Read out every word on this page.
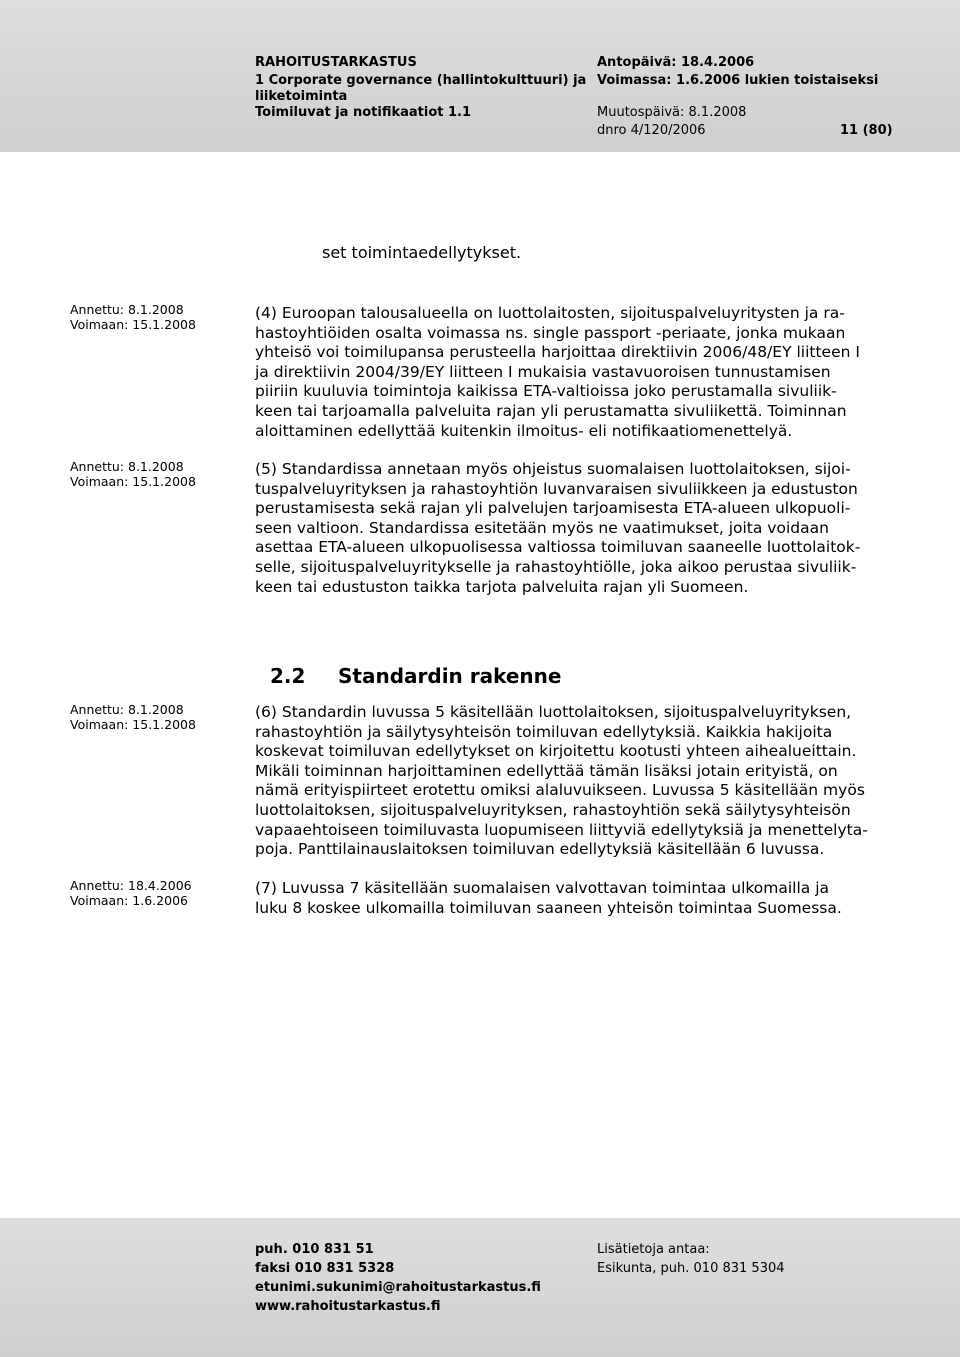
RAHOITUSTARKASTUS
1 Corporate governance (hallintokulttuuri) ja
liiketoiminta
Toimiluvat ja notifikaatiot 1.1
Antopäivä: 18.4.2006
Voimassa: 1.6.2006 lukien toistaiseksi
Muutospäivä: 8.1.2008
dnro 4/120/2006	11 (80)
set toimintaedellytykset.
Annettu: 8.1.2008
Voimaan: 15.1.2008
(4) Euroopan talousalueella on luottolaitosten, sijoituspalveluyritysten ja ra-
hastoyhtiöiden osalta voimassa ns. single passport -periaate, jonka mukaan
yhteisö voi toimilupansa perusteella harjoittaa direktiivin 2006/48/EY liitteen I
ja direktiivin 2004/39/EY liitteen I mukaisia vastavuoroisen tunnustamisen
piiriin kuuluvia toimintoja kaikissa ETA-valtioissa joko perustamalla sivuliik-
keen tai tarjoamalla palveluita rajan yli perustamatta sivuliikettä. Toiminnan
aloittaminen edellyttää kuitenkin ilmoitus- eli notifikaatiomenettelyä.
Annettu: 8.1.2008
Voimaan: 15.1.2008
(5) Standardissa annetaan myös ohjeistus suomalaisen luottolaitoksen, sijoi-
tuspalveluyrityksen ja rahastoyhtiön luvanvaraisen sivuliikkeen ja edustuston
perustamisesta sekä rajan yli palvelujen tarjoamisesta ETA-alueen ulkopuoli-
seen valtioon. Standardissa esitetään myös ne vaatimukset, joita voidaan
asettaa ETA-alueen ulkopuolisessa valtiossa toimiluvan saaneelle luottolaitok-
selle, sijoituspalveluyritykselle ja rahastoyhtiölle, joka aikoo perustaa sivuliik-
keen tai edustuston taikka tarjota palveluita rajan yli Suomeen.
2.2 Standardin rakenne
Annettu: 8.1.2008
Voimaan: 15.1.2008
(6) Standardin luvussa 5 käsitellään luottolaitoksen, sijoituspalveluyrityksen,
rahastoyhtiön ja säilytysyhteisön toimiluvan edellytyksiä. Kaikkia hakijoita
koskevat toimiluvan edellytykset on kirjoitettu kootusti yhteen aihealueittain.
Mikäli toiminnan harjoittaminen edellyttää tämän lisäksi jotain erityistä, on
nämä erityispiirteet erotettu omiksi alaluvuikseen. Luvussa 5 käsitellään myös
luottolaitoksen, sijoituspalveluyrityksen, rahastoyhtiön sekä säilytysyhteisön
vapaaehtoiseen toimiluvasta luopumiseen liittyviä edellytyksiä ja menettelyta-
poja. Panttilainauslaitoksen toimiluvan edellytyksiä käsitellään 6 luvussa.
Annettu: 18.4.2006
Voimaan: 1.6.2006
(7) Luvussa 7 käsitellään suomalaisen valvottavan toimintaa ulkomailla ja
luku 8 koskee ulkomailla toimiluvan saaneen yhteisön toimintaa Suomessa.
puh. 010 831 51
faksi 010 831 5328
etunimi.sukunimi@rahoitustarkastus.fi
www.rahoitustarkastus.fi
Lisätietoja antaa:
Esikunta, puh. 010 831 5304
